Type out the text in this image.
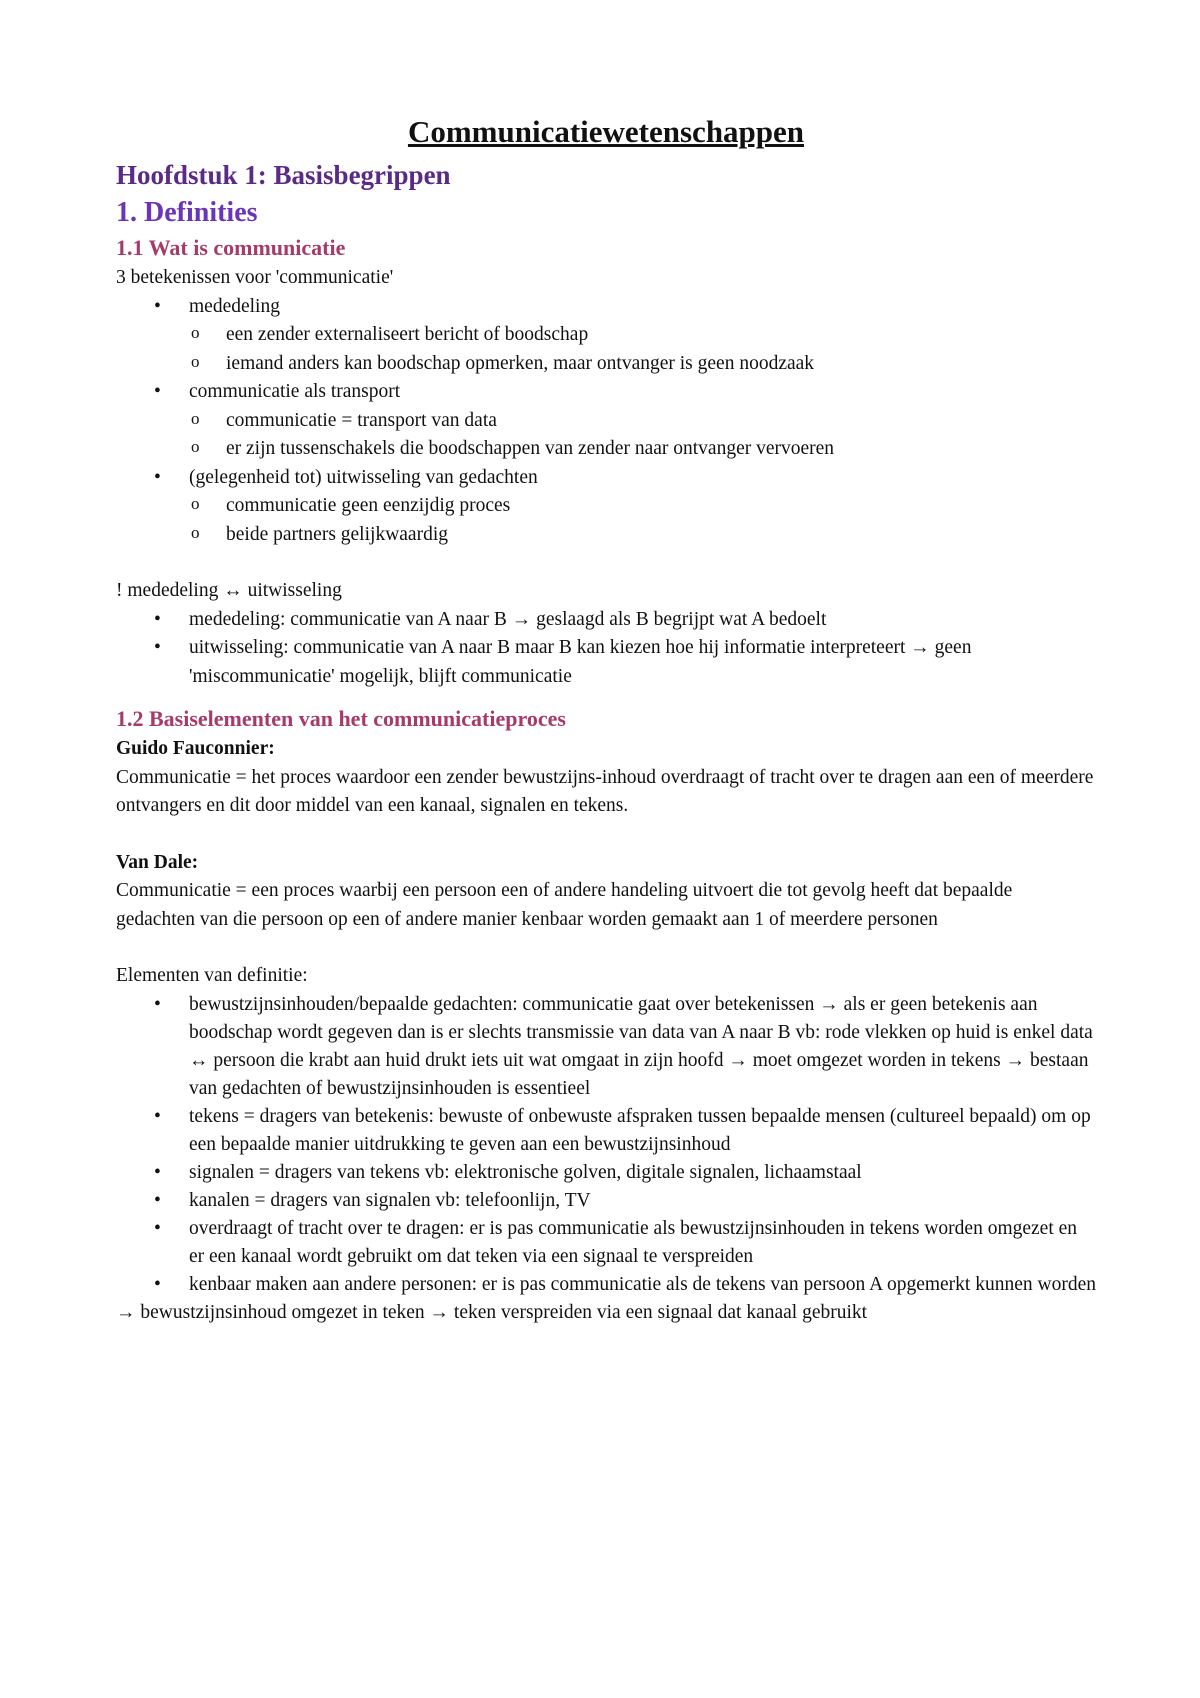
Communicatiewetenschappen
Hoofdstuk 1: Basisbegrippen
1. Definities
1.1 Wat is communicatie

3 betekenissen voor 'communicatie'

• mededeling
o een zender externaliseert bericht of boodschap
o iemand anders kan boodschap opmerken, maar ontvanger is geen noodzaak
• communicatie als transport
o communicatie = transport van data
o er zijn tussenschakels die boodschappen van zender naar ontvanger vervoeren
• (gelegenheid tot) uitwisseling van gedachten
o communicatie geen eenzijdig proces
o beide partners gelijkwaardig

! mededeling ↔ uitwisseling

• mededeling: communicatie van A naar B → geslaagd als B begrijpt wat A bedoelt
• uitwisseling: communicatie van A naar B maar B kan kiezen hoe hij informatie interpreteert → geen 'miscommunicatie' mogelijk, blijft communicatie
1.2 Basiselementen van het communicatieproces

Guido Fauconnier:

Communicatie = het proces waardoor een zender bewustzijns-inhoud overdraagt of tracht over te dragen aan een of meerdere ontvangers en dit door middel van een kanaal, signalen en tekens.

Van Dale:

Communicatie = een proces waarbij een persoon een of andere handeling uitvoert die tot gevolg heeft dat bepaalde gedachten van die persoon op een of andere manier kenbaar worden gemaakt aan 1 of meerdere personen

Elementen van definitie:

• bewustzijnsinhouden/bepaalde gedachten: communicatie gaat over betekenissen → als er geen betekenis aan boodschap wordt gegeven dan is er slechts transmissie van data van A naar B vb: rode vlekken op huid is enkel data ↔ persoon die krabt aan huid drukt iets uit wat omgaat in zijn hoofd → moet omgezet worden in tekens → bestaan van gedachten of bewustzijnsinhouden is essentieel
• tekens = dragers van betekenis: bewuste of onbewuste afspraken tussen bepaalde mensen (cultureel bepaald) om op een bepaalde manier uitdrukking te geven aan een bewustzijnsinhoud
• signalen = dragers van tekens vb: elektronische golven, digitale signalen, lichaamstaal
• kanalen = dragers van signalen vb: telefoonlijn, TV
• overdraagt of tracht over te dragen: er is pas communicatie als bewustzijnsinhouden in tekens worden omgezet en er een kanaal wordt gebruikt om dat teken via een signaal te verspreiden
• kenbaar maken aan andere personen: er is pas communicatie als de tekens van persoon A opgemerkt kunnen worden

→ bewustzijnsinhoud omgezet in teken → teken verspreiden via een signaal dat kanaal gebruikt
